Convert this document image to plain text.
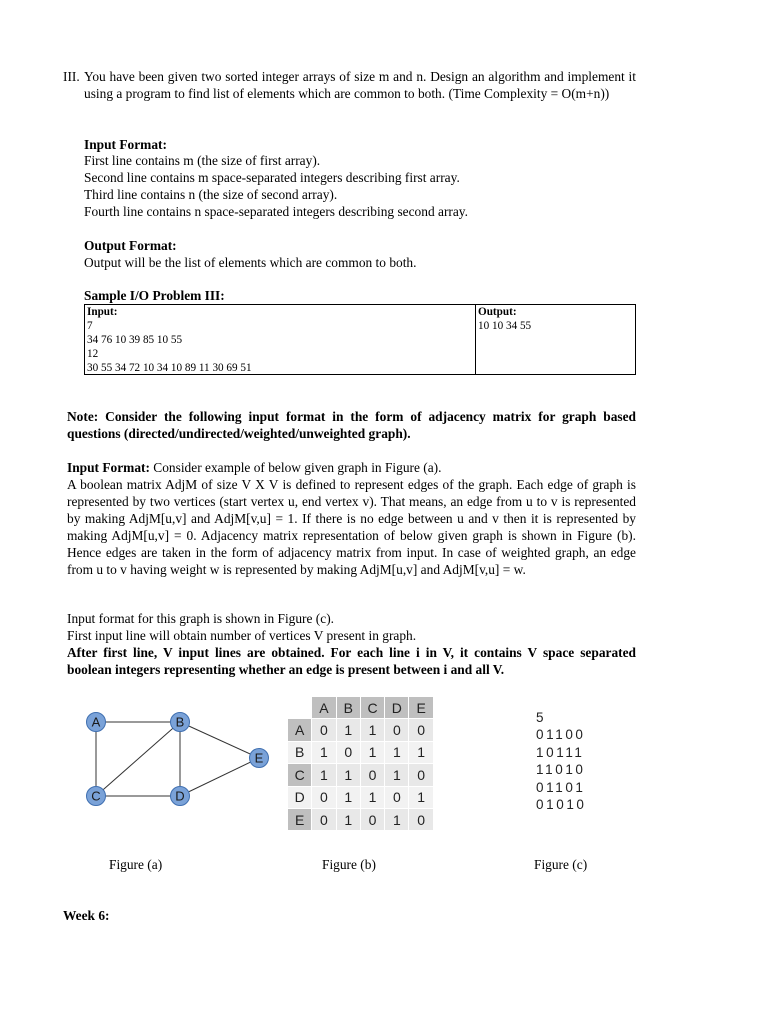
III. You have been given two sorted integer arrays of size m and n. Design an algorithm and implement it using a program to find list of elements which are common to both. (Time Complexity = O(m+n))
Input Format:
First line contains m (the size of first array).
Second line contains m space-separated integers describing first array.
Third line contains n (the size of second array).
Fourth line contains n space-separated integers describing second array.
Output Format:
Output will be the list of elements which are common to both.
Sample I/O Problem III:
Input:
7
34 76 10 39 85 10 55
12
30 55 34 72 10 34 10 89 11 30 69 51
Output:
10 10 34 55
Note: Consider the following input format in the form of adjacency matrix for graph based questions (directed/undirected/weighted/unweighted graph).
Input Format: Consider example of below given graph in Figure (a).
A boolean matrix AdjM of size V X V is defined to represent edges of the graph. Each edge of graph is represented by two vertices (start vertex u, end vertex v). That means, an edge from u to v is represented by making AdjM[u,v] and AdjM[v,u] = 1. If there is no edge between u and v then it is represented by making AdjM[u,v] = 0. Adjacency matrix representation of below given graph is shown in Figure (b). Hence edges are taken in the form of adjacency matrix from input. In case of weighted graph, an edge from u to v having weight w is represented by making AdjM[u,v] and AdjM[v,u] = w.
Input format for this graph is shown in Figure (c).
First input line will obtain number of vertices V present in graph.
After first line, V input lines are obtained. For each line i in V, it contains V space separated boolean integers representing whether an edge is present between i and all V.
A	B
C	D
E
	A	B	C	D	E
A	0	1	1	0	0
B	1	0	1	1	1
C	1	1	0	1	0
D	0	1	1	0	1
E	0	1	0	1	0
5
01100
10111
11010
01101
01010
Figure (a)	Figure (b)	Figure (c)
Week 6:
